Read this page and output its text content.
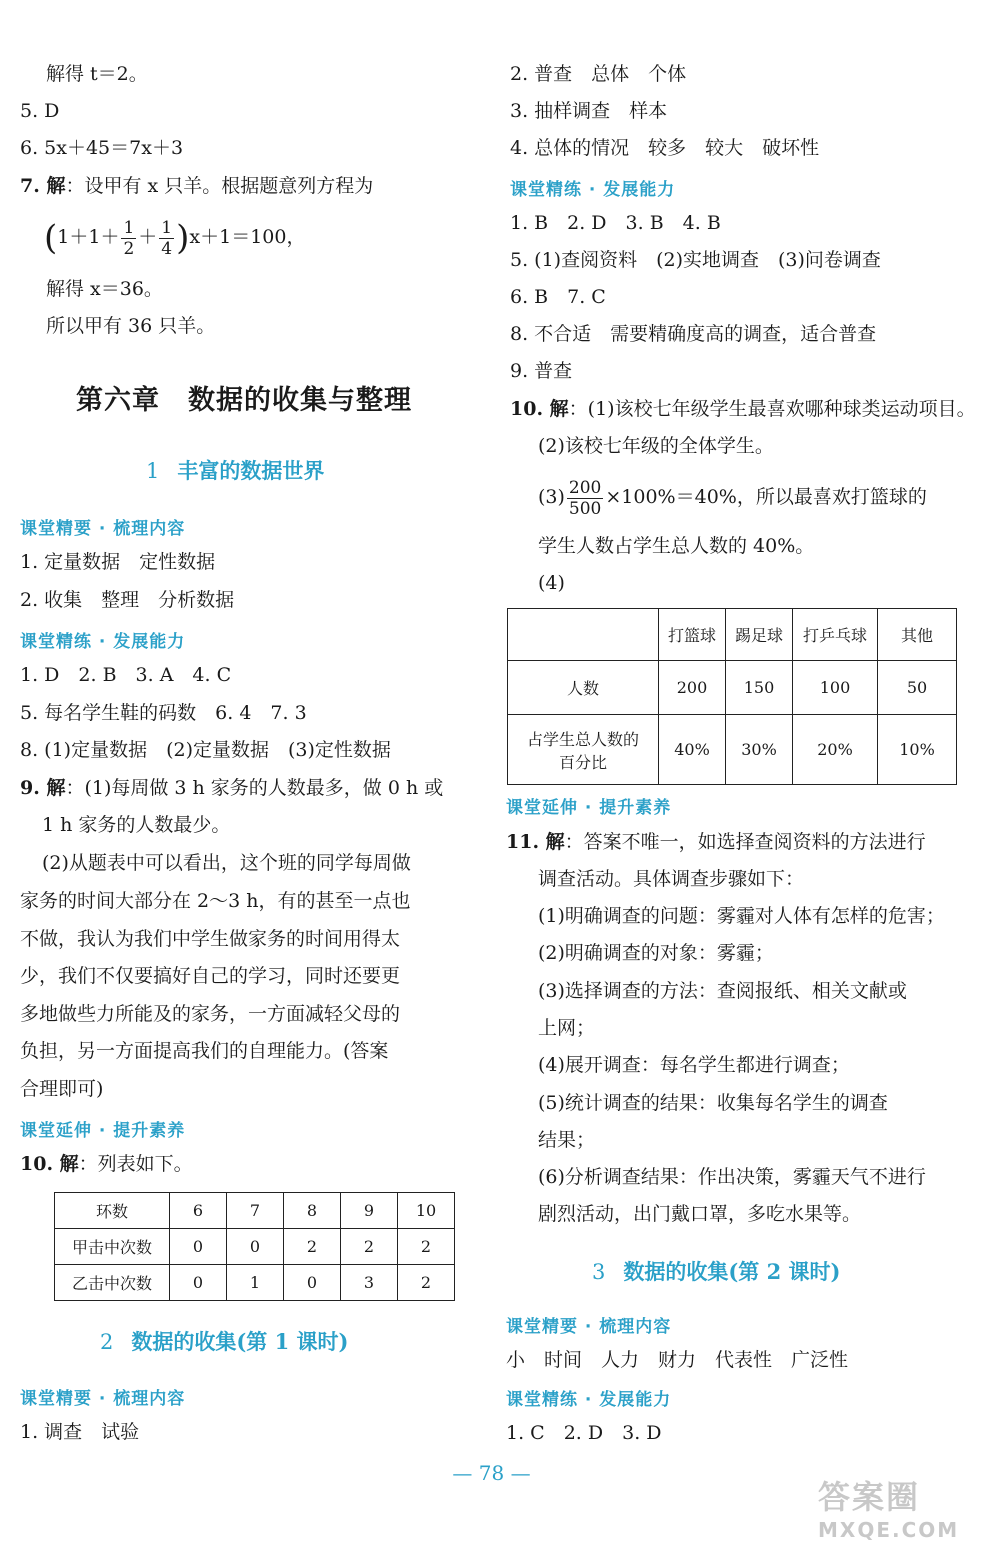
解得 t＝2。
5. D
6. 5x＋45＝7x＋3
7. 解：设甲有 x 只羊。根据题意列方程为
$(1+1+ \frac{1}{2} + \frac{1}{4} )x+1=100$，
解得 x＝36。
所以甲有 36 只羊。
第六章　数据的收集与整理
1 丰富的数据世界
课堂精要 · 梳理内容
1. 定量数据　定性数据
2. 收集　整理　分析数据
课堂精练 · 发展能力
1. D　2. B　3. A　4. C
5. 每名学生鞋的码数　6. 4　7. 3
8. (1)定量数据　(2)定量数据　(3)定性数据
9. 解：(1)每周做 3 h 家务的人数最多，做 0 h 或
1 h 家务的人数最少。
(2)从题表中可以看出，这个班的同学每周做
家务的时间大部分在 2～3 h，有的甚至一点也
不做，我认为我们中学生做家务的时间用得太
少，我们不仅要搞好自己的学习，同时还要更
多地做些力所能及的家务，一方面减轻父母的
负担，另一方面提高我们的自理能力。(答案
合理即可)
课堂延伸 · 提升素养
10. 解：列表如下。
环数	6	7	8	9	10
甲击中次数	0	0	2	2	2
乙击中次数	0	1	0	3	2
2 数据的收集(第 1 课时)
课堂精要 · 梳理内容
1. 调查　试验
2. 普查　总体　个体
3. 抽样调查　样本
4. 总体的情况　较多　较大　破坏性
课堂精练 · 发展能力
1. B　2. D　3. B　4. B
5. (1)查阅资料　(2)实地调查　(3)问卷调查
6. B　7. C
8. 不合适　需要精确度高的调查，适合普查
9. 普查
10. 解：(1)该校七年级学生最喜欢哪种球类运动项目。
(2)该校七年级的全体学生。
$(3) \frac{200}{500} \times 100\%=40\%$，所以最喜欢打篮球的
学生人数占学生总人数的 40%。
(4)
	打篮球	踢足球	打乒乓球	其他
人数	200	150	100	50

占学生总人数的
百分比	40%	30%	20%	10%
课堂延伸 · 提升素养
11. 解：答案不唯一，如选择查阅资料的方法进行
调查活动。具体调查步骤如下：
(1)明确调查的问题：雾霾对人体有怎样的危害；
(2)明确调查的对象：雾霾；
(3)选择调查的方法：查阅报纸、相关文献或
上网；
(4)展开调查：每名学生都进行调查；
(5)统计调查的结果：收集每名学生的调查
结果；
(6)分析调查结果：作出决策，雾霾天气不进行
剧烈活动，出门戴口罩，多吃水果等。
3 数据的收集(第 2 课时)
课堂精要 · 梳理内容
小　时间　人力　财力　代表性　广泛性
课堂精练 · 发展能力
1. C　2. D　3. D
— 78 —
答案圈
MXQE.COM
